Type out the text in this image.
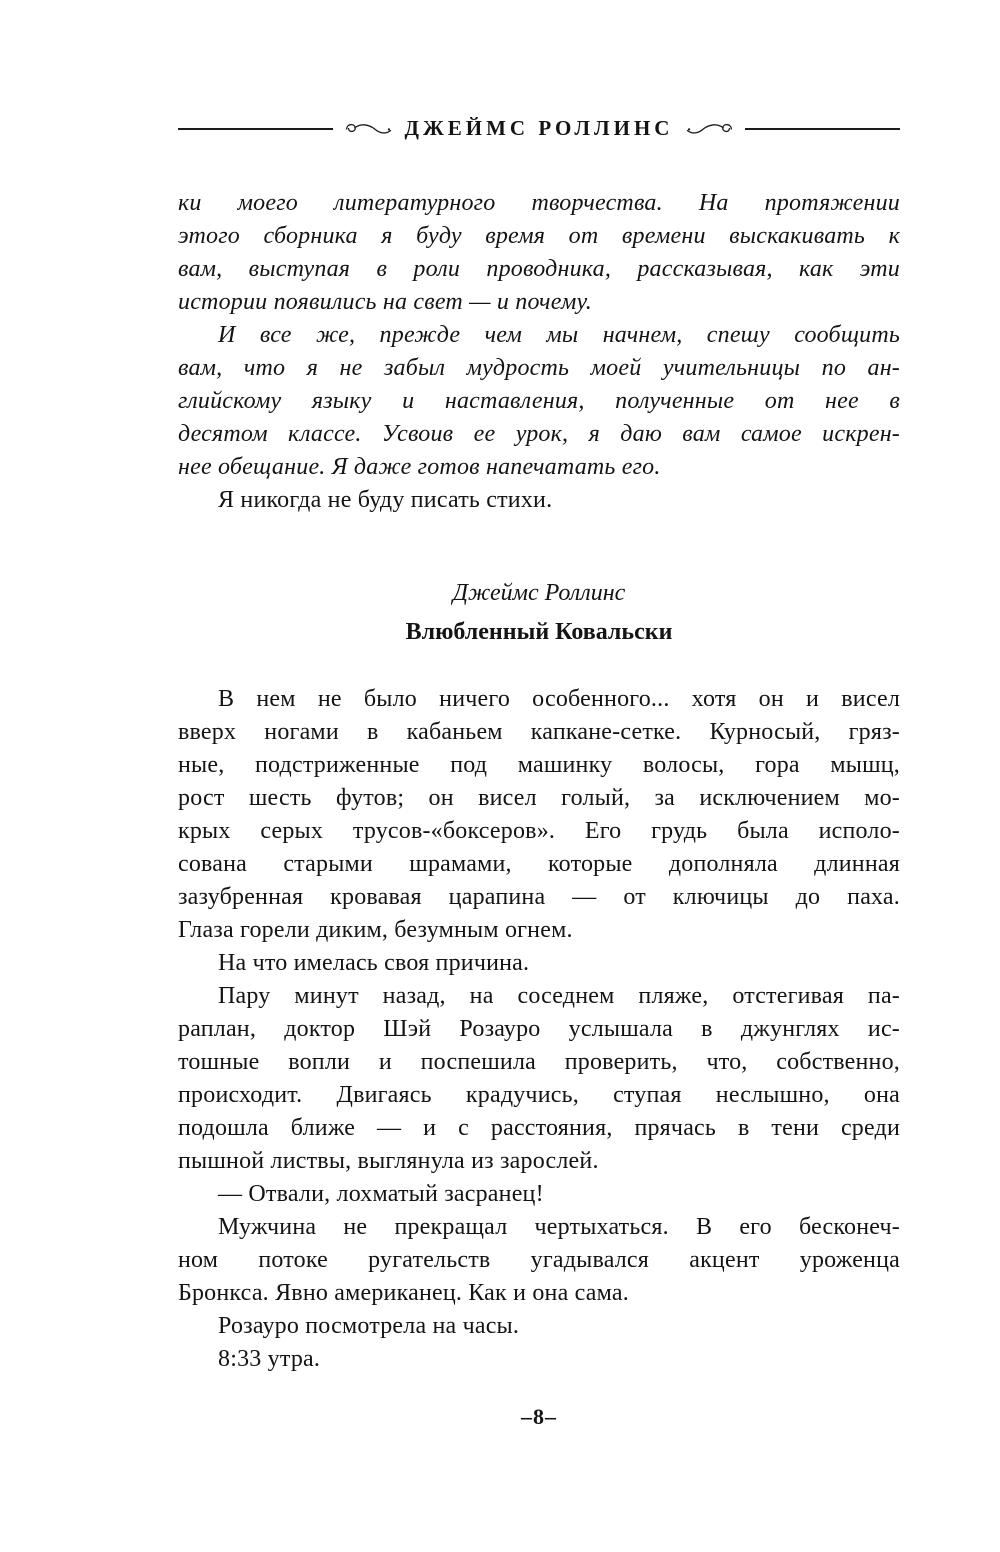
ДЖЕЙМС РОЛЛИНС

ки моего литературного творчества. На протяжении
этого сборника я буду время от времени выскакивать к
вам, выступая в роли проводника, рассказывая, как эти
истории появились на свет — и почему.

И все же, прежде чем мы начнем, спешу сообщить
вам, что я не забыл мудрость моей учительницы по ан-
глийскому языку и наставления, полученные от нее в
десятом классе. Усвоив ее урок, я даю вам самое искрен-
нее обещание. Я даже готов напечатать его.

Я никогда не буду писать стихи.

Джеймс Роллинс
Влюбленный Ковальски

В нем не было ничего особенного... хотя он и висел
вверх ногами в кабаньем капкане-сетке. Курносый, гряз-
ные, подстриженные под машинку волосы, гора мышц,
рост шесть футов; он висел голый, за исключением мо-
крых серых трусов-«боксеров». Его грудь была исполо-
сована старыми шрамами, которые дополняла длинная
зазубренная кровавая царапина — от ключицы до паха.
Глаза горели диким, безумным огнем.

На что имелась своя причина.

Пару минут назад, на соседнем пляже, отстегивая па-
раплан, доктор Шэй Розауро услышала в джунглях ис-
тошные вопли и поспешила проверить, что, собственно,
происходит. Двигаясь крадучись, ступая неслышно, она
подошла ближе — и с расстояния, прячась в тени среди
пышной листвы, выглянула из зарослей.

— Отвали, лохматый засранец!

Мужчина не прекращал чертыхаться. В его бесконеч-
ном потоке ругательств угадывался акцент уроженца
Бронкса. Явно американец. Как и она сама.

Розауро посмотрела на часы.

8:33 утра.

–8–
